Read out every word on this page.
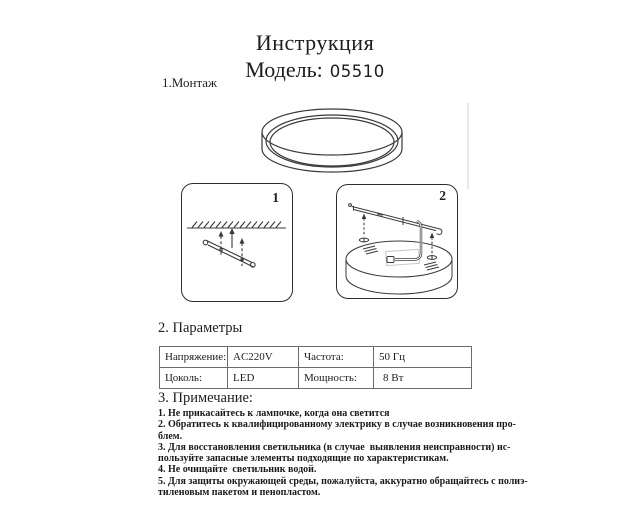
Инструкция
Модель: 05510
1.Монтаж
1	2
2. Параметры
Напряжение:	AC220V	Частота:	50 Гц
Цоколь:	LED	Мощность:	8 Вт
3. Примечание:
1. Не прикасайтесь к лампочке, когда она светится
2. Обратитесь к квалифицированному электрику в случае возникновения про-
блем.
3. Для восстановления светильника (в случае  выявления неисправности) ис-
пользуйте запасные элементы подходящие по характеристикам.
4. Не очищайте  светильник водой.
5. Для защиты окружающей среды, пожалуйста, аккуратно обращайтесь с полиэ-
тиленовым пакетом и пенопластом.
